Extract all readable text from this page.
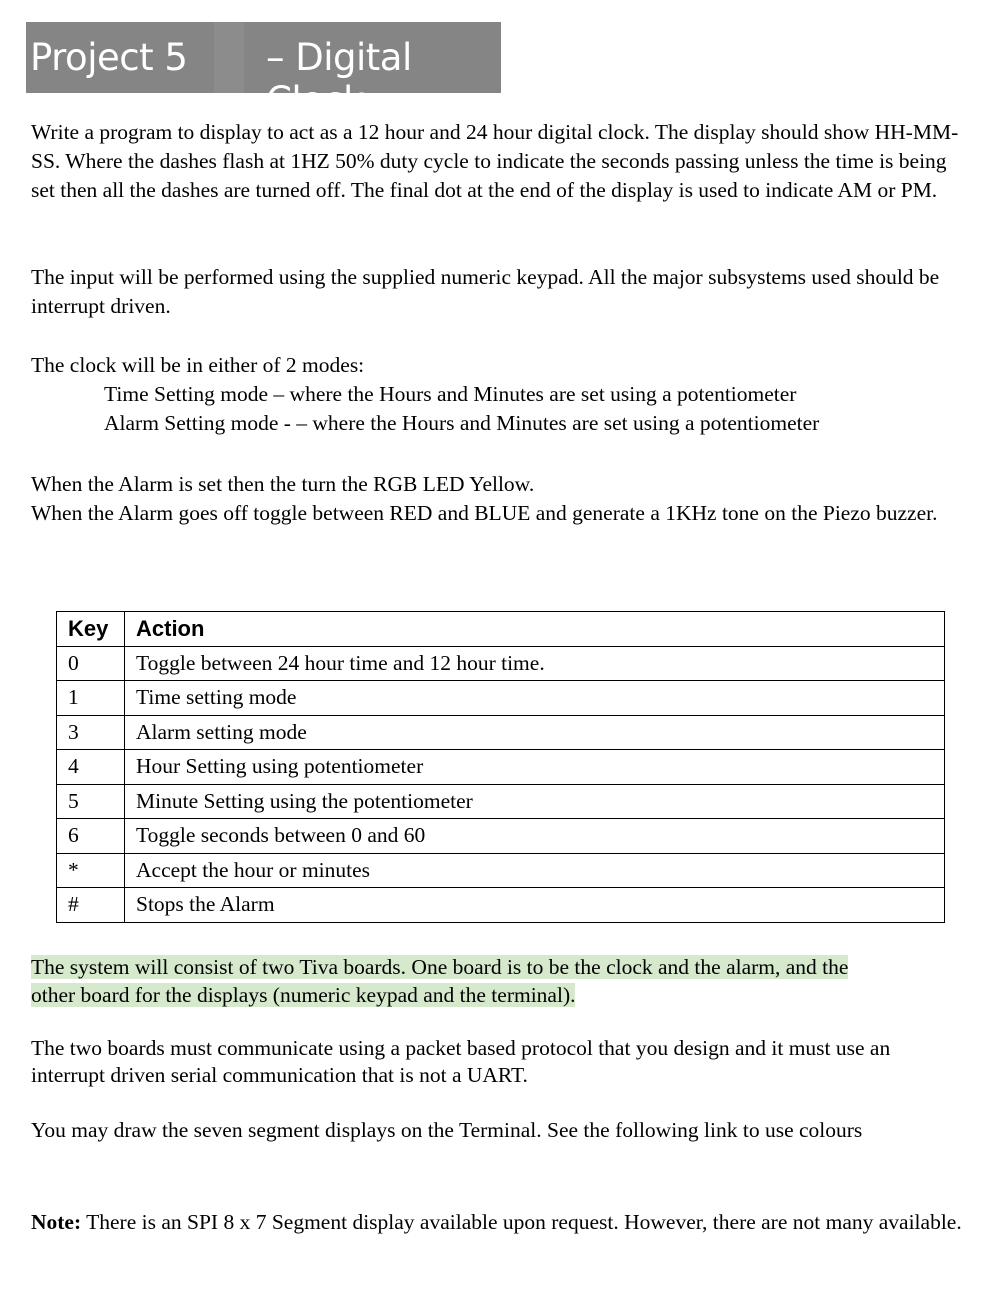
Project 5 – Digital Clock

Write a program to display to act as a 12 hour and 24 hour digital clock. The display should show HH-MM-SS. Where the dashes flash at 1HZ 50% duty cycle to indicate the seconds passing unless the time is being set then all the dashes are turned off. The final dot at the end of the display is used to indicate AM or PM.

The input will be performed using the supplied numeric keypad. All the major subsystems used should be interrupt driven.

The clock will be in either of 2 modes:
Time Setting mode – where the Hours and Minutes are set using a potentiometer
Alarm Setting mode - – where the Hours and Minutes are set using a potentiometer
When the Alarm is set then the turn the RGB LED Yellow.
When the Alarm goes off toggle between RED and BLUE and generate a 1KHz tone on the Piezo buzzer.
Key	Action
0	Toggle between 24 hour time and 12 hour time.
1	Time setting mode
3	Alarm setting mode
4	Hour Setting using potentiometer
5	Minute Setting using the potentiometer
6	Toggle seconds between 0 and 60
*	Accept the hour or minutes
#	Stops the Alarm
The system will consist of two Tiva boards. One board is to be the clock and the alarm, and the
other board for the displays (numeric keypad and the terminal).

The two boards must communicate using a packet based protocol that you design and it must use an interrupt driven serial communication that is not a UART.

You may draw the seven segment displays on the Terminal. See the following link to use colours

Note: There is an SPI 8 x 7 Segment display available upon request. However, there are not many available.
